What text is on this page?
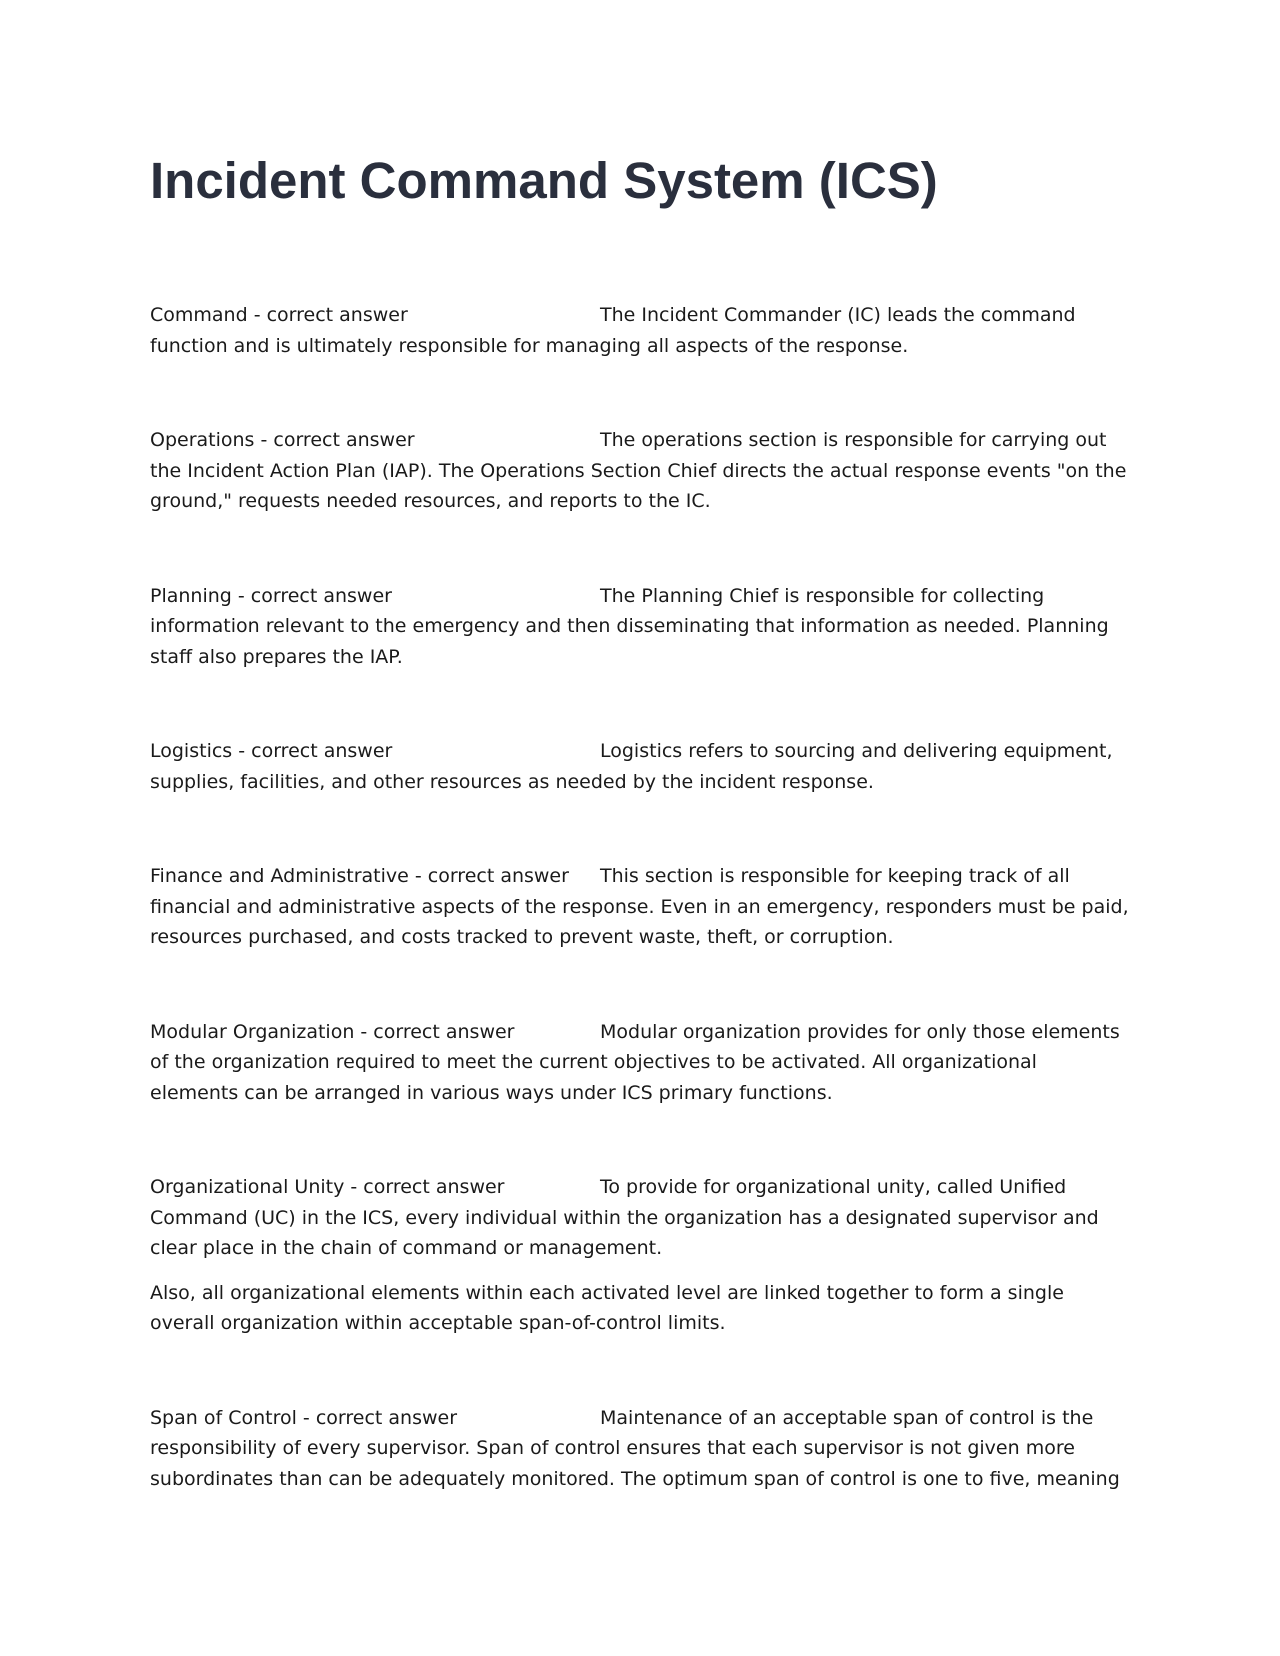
Incident Command System (ICS)

Command - correct answer	The Incident Commander (IC) leads the command function and is ultimately responsible for managing all aspects of the response.

Operations - correct answer	The operations section is responsible for carrying out the Incident Action Plan (IAP). The Operations Section Chief directs the actual response events "on the ground," requests needed resources, and reports to the IC.

Planning - correct answer	The Planning Chief is responsible for collecting information relevant to the emergency and then disseminating that information as needed. Planning staff also prepares the IAP.

Logistics - correct answer	Logistics refers to sourcing and delivering equipment, supplies, facilities, and other resources as needed by the incident response.

Finance and Administrative - correct answer This section is responsible for keeping track of all financial and administrative aspects of the response. Even in an emergency, responders must be paid, resources purchased, and costs tracked to prevent waste, theft, or corruption.

Modular Organization - correct answer	Modular organization provides for only those elements of the organization required to meet the current objectives to be activated. All organizational elements can be arranged in various ways under ICS primary functions.

Organizational Unity - correct answer	To provide for organizational unity, called Unified Command (UC) in the ICS, every individual within the organization has a designated supervisor and clear place in the chain of command or management.

Also, all organizational elements within each activated level are linked together to form a single overall organization within acceptable span-of-control limits.

Span of Control - correct answer	Maintenance of an acceptable span of control is the responsibility of every supervisor. Span of control ensures that each supervisor is not given more subordinates than can be adequately monitored. The optimum span of control is one to five, meaning
